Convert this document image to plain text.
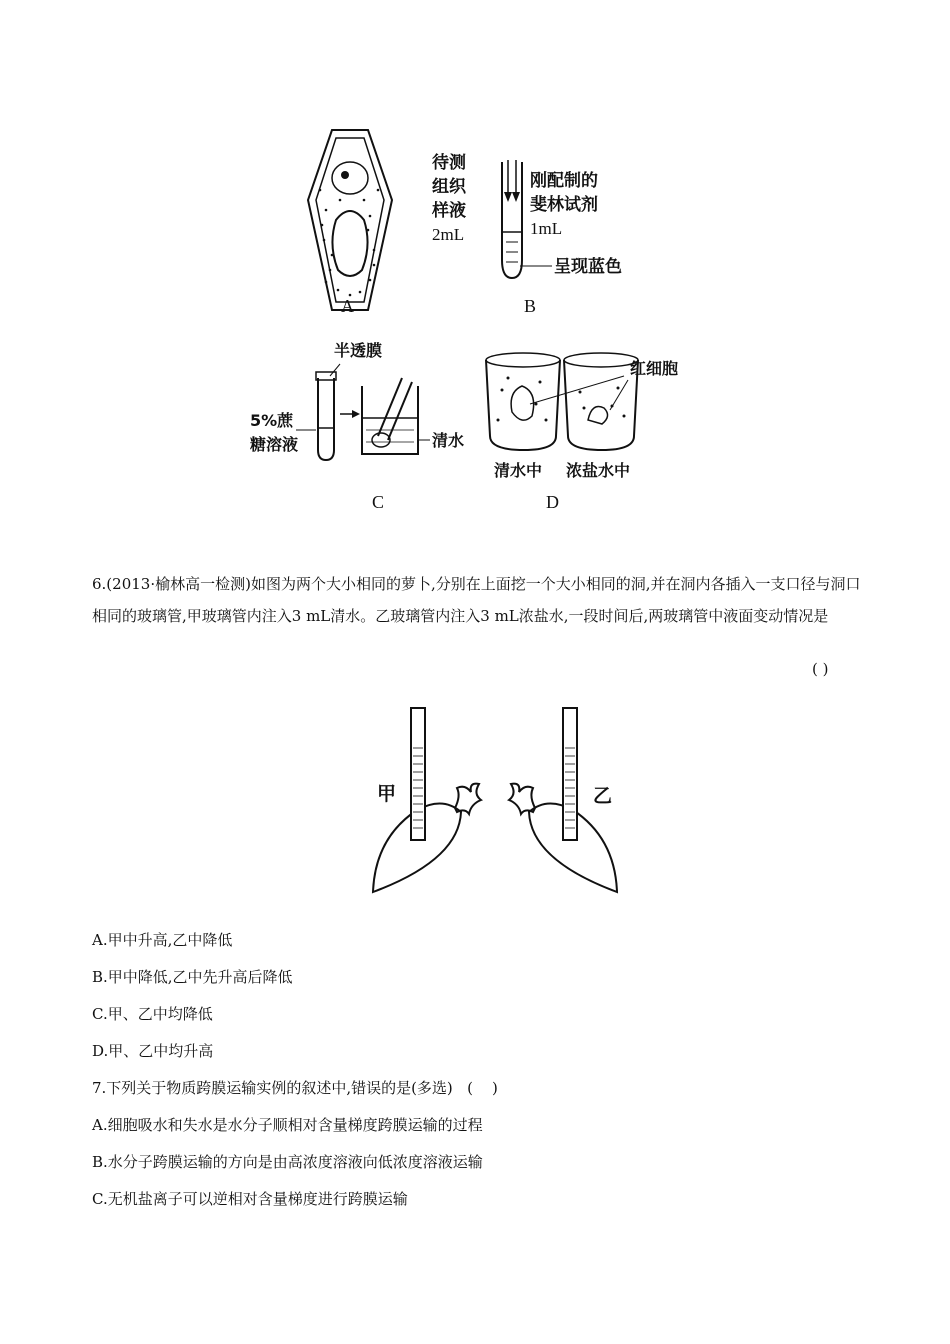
A
待测
组织
样液
2mL
刚配制的
斐林试剂
1mL
呈现蓝色
B
半透膜
5%蔗
糖溶液	清水
C
红细胞
清水中 浓盐水中
D
6.(2013·榆林高一检测)如图为两个大小相同的萝卜,分别在上面挖一个大小相同的洞,并在洞内各插入一支口径与洞口相同的玻璃管,甲玻璃管内注入3 mL清水。乙玻璃管内注入3 mL浓盐水,一段时间后,两玻璃管中液面变动情况是
( )
甲	乙
A.甲中升高,乙中降低
B.甲中降低,乙中先升高后降低
C.甲、乙中均降低
D.甲、乙中均升高
7.下列关于物质跨膜运输实例的叙述中,错误的是(多选)   (    )
A.细胞吸水和失水是水分子顺相对含量梯度跨膜运输的过程
B.水分子跨膜运输的方向是由高浓度溶液向低浓度溶液运输
C.无机盐离子可以逆相对含量梯度进行跨膜运输
